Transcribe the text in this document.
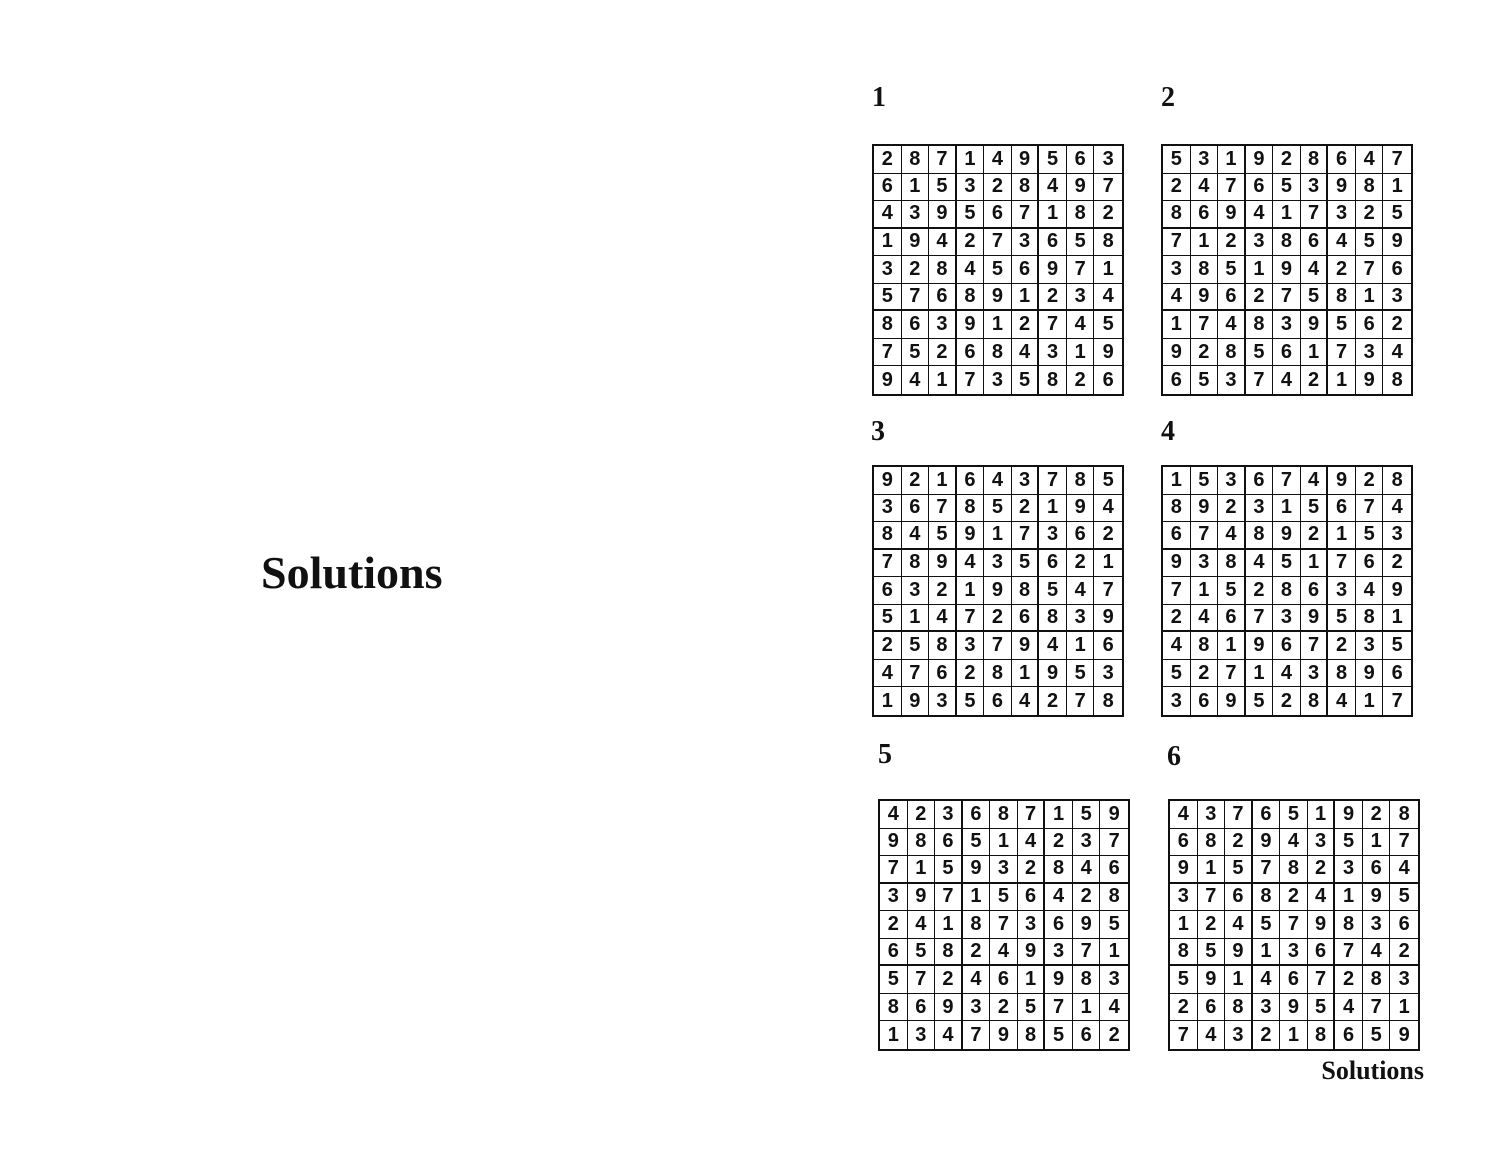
Solutions
1
2 8 7 1 4 9 5 6 3
6 1 5 3 2 8 4 9 7
4 3 9 5 6 7 1 8 2
1 9 4 2 7 3 6 5 8
3 2 8 4 5 6 9 7 1
5 7 6 8 9 1 2 3 4
8 6 3 9 1 2 7 4 5
7 5 2 6 8 4 3 1 9
9 4 1 7 3 5 8 2 6
2
5 3 1 9 2 8 6 4 7
2 4 7 6 5 3 9 8 1
8 6 9 4 1 7 3 2 5
7 1 2 3 8 6 4 5 9
3 8 5 1 9 4 2 7 6
4 9 6 2 7 5 8 1 3
1 7 4 8 3 9 5 6 2
9 2 8 5 6 1 7 3 4
6 5 3 7 4 2 1 9 8
3
9 2 1 6 4 3 7 8 5
3 6 7 8 5 2 1 9 4
8 4 5 9 1 7 3 6 2
7 8 9 4 3 5 6 2 1
6 3 2 1 9 8 5 4 7
5 1 4 7 2 6 8 3 9
2 5 8 3 7 9 4 1 6
4 7 6 2 8 1 9 5 3
1 9 3 5 6 4 2 7 8
4
1 5 3 6 7 4 9 2 8
8 9 2 3 1 5 6 7 4
6 7 4 8 9 2 1 5 3
9 3 8 4 5 1 7 6 2
7 1 5 2 8 6 3 4 9
2 4 6 7 3 9 5 8 1
4 8 1 9 6 7 2 3 5
5 2 7 1 4 3 8 9 6
3 6 9 5 2 8 4 1 7
5
4 2 3 6 8 7 1 5 9
9 8 6 5 1 4 2 3 7
7 1 5 9 3 2 8 4 6
3 9 7 1 5 6 4 2 8
2 4 1 8 7 3 6 9 5
6 5 8 2 4 9 3 7 1
5 7 2 4 6 1 9 8 3
8 6 9 3 2 5 7 1 4
1 3 4 7 9 8 5 6 2
6
4 3 7 6 5 1 9 2 8
6 8 2 9 4 3 5 1 7
9 1 5 7 8 2 3 6 4
3 7 6 8 2 4 1 9 5
1 2 4 5 7 9 8 3 6
8 5 9 1 3 6 7 4 2
5 9 1 4 6 7 2 8 3
2 6 8 3 9 5 4 7 1
7 4 3 2 1 8 6 5 9
Solutions
